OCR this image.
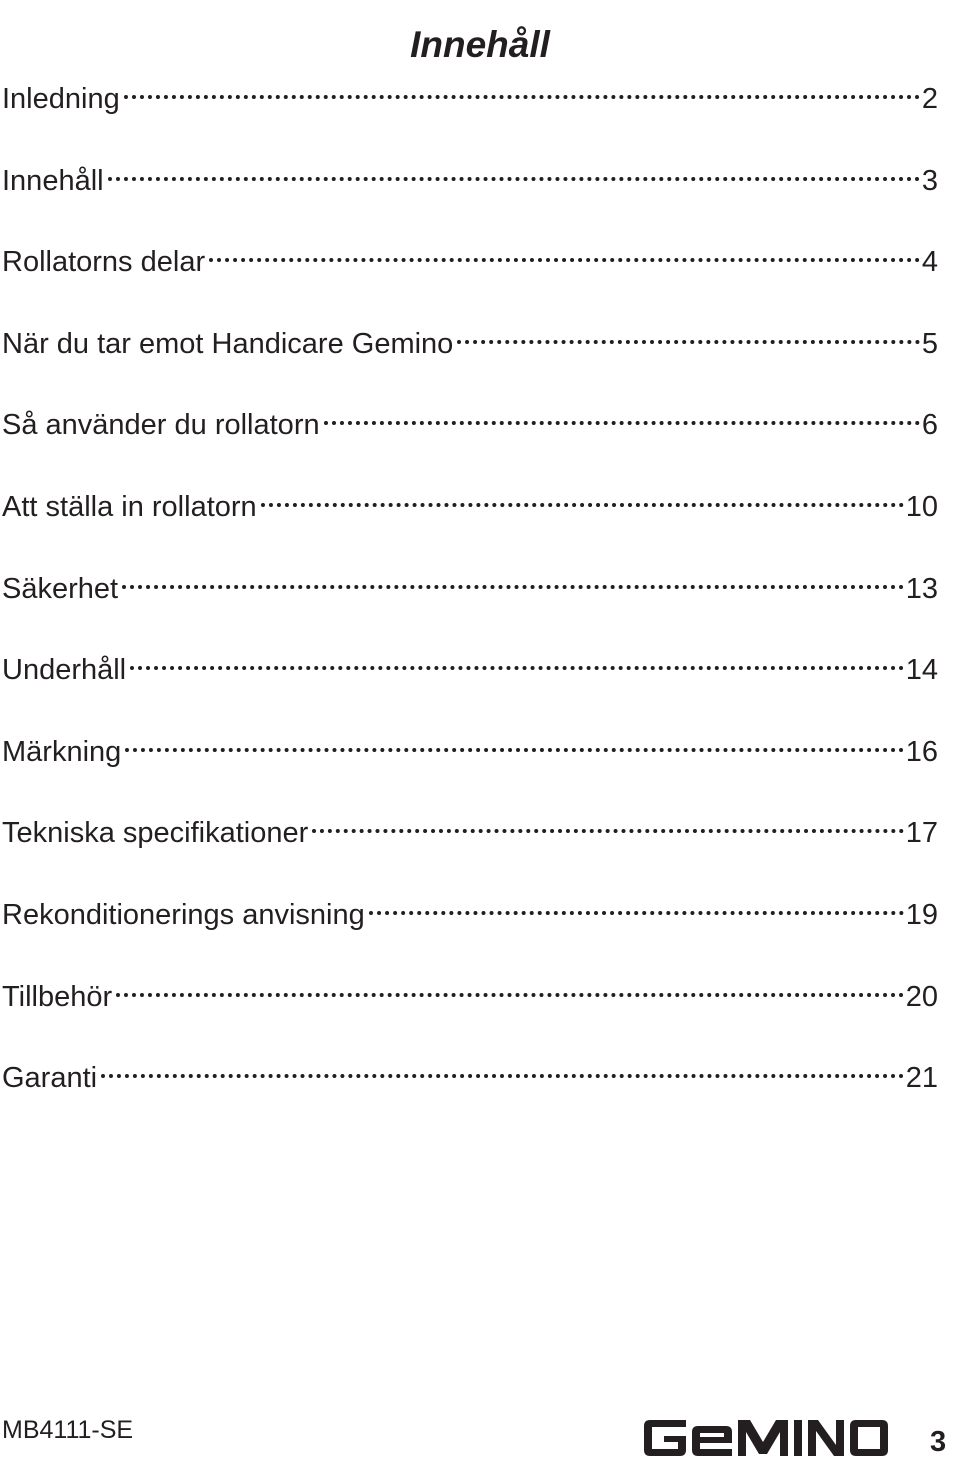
Innehåll
Inledning	2
Innehåll	3
Rollatorns delar	4
När du tar emot Handicare Gemino	5
Så använder du rollatorn	6
Att ställa in rollatorn	10
Säkerhet	13
Underhåll	14
Märkning	16
Tekniska specifikationer	17
Rekonditionerings anvisning	19
Tillbehör	20
Garanti	21
MB4111-SE	3
